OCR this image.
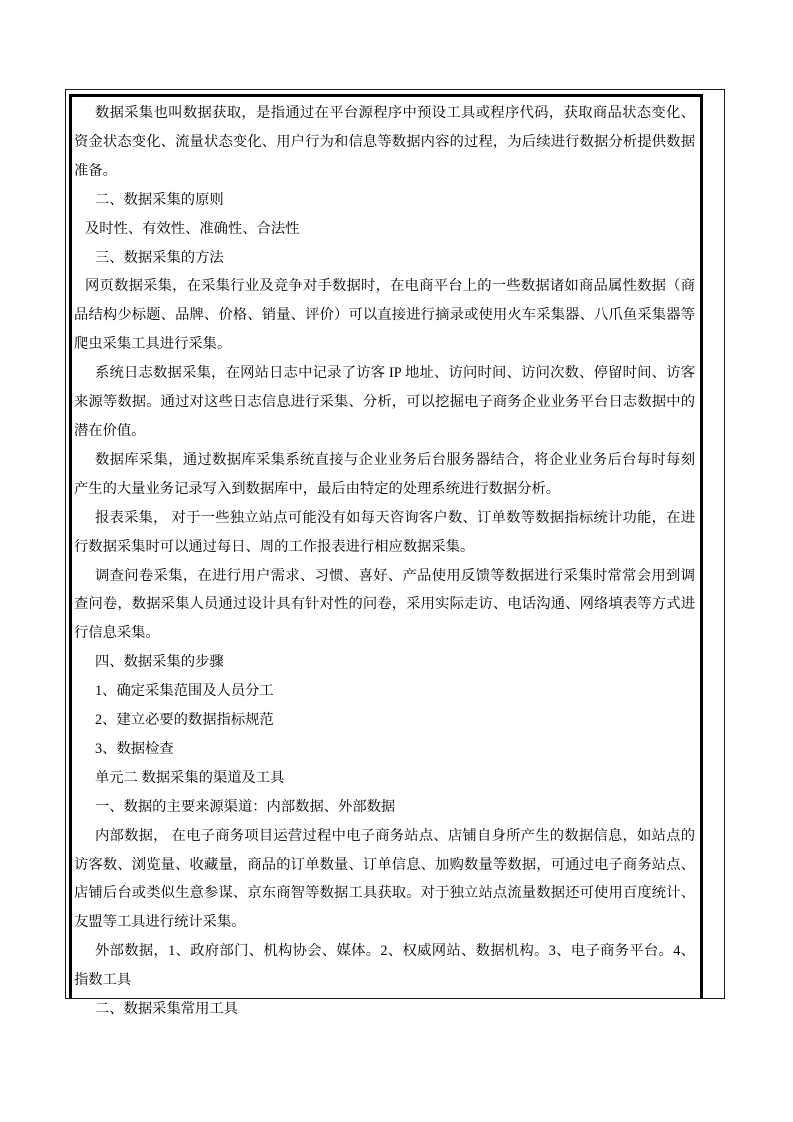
数据采集也叫数据获取，是指通过在平台源程序中预设工具或程序代码，获取商品状态变化、资金状态变化、流量状态变化、用户行为和信息等数据内容的过程，为后续进行数据分析提供数据准备。

二、数据采集的原则

及时性、有效性、准确性、合法性

三、数据采集的方法

网页数据采集，在采集行业及竞争对手数据时，在电商平台上的一些数据诸如商品属性数据（商品结构少标题、品牌、价格、销量、评价）可以直接进行摘录或使用火车采集器、八爪鱼采集器等爬虫采集工具进行采集。

系统日志数据采集，在网站日志中记录了访客 IP 地址、访问时间、访问次数、停留时间、访客来源等数据。通过对这些日志信息进行采集、分析，可以挖掘电子商务企业业务平台日志数据中的潜在价值。

数据库采集，通过数据库采集系统直接与企业业务后台服务器结合，将企业业务后台每时每刻产生的大量业务记录写入到数据库中，最后由特定的处理系统进行数据分析。

报表采集， 对于一些独立站点可能没有如每天咨询客户数、订单数等数据指标统计功能，在进行数据采集时可以通过每日、周的工作报表进行相应数据采集。

调查问卷采集，在进行用户需求、习惯、喜好、产品使用反馈等数据进行采集时常常会用到调查问卷，数据采集人员通过设计具有针对性的问卷，采用实际走访、电话沟通、网络填表等方式进行信息采集。

四、数据采集的步骤

1、确定采集范围及人员分工

2、建立必要的数据指标规范

3、数据检查

单元二 数据采集的渠道及工具

一、数据的主要来源渠道：内部数据、外部数据

内部数据， 在电子商务项目运营过程中电子商务站点、店铺自身所产生的数据信息，如站点的访客数、浏览量、收藏量，商品的订单数量、订单信息、加购数量等数据，可通过电子商务站点、店铺后台或类似生意参谋、京东商智等数据工具获取。对于独立站点流量数据还可使用百度统计、友盟等工具进行统计采集。

外部数据，1、政府部门、机构协会、媒体。2、权威网站、数据机构。3、电子商务平台。4、指数工具

二、数据采集常用工具
